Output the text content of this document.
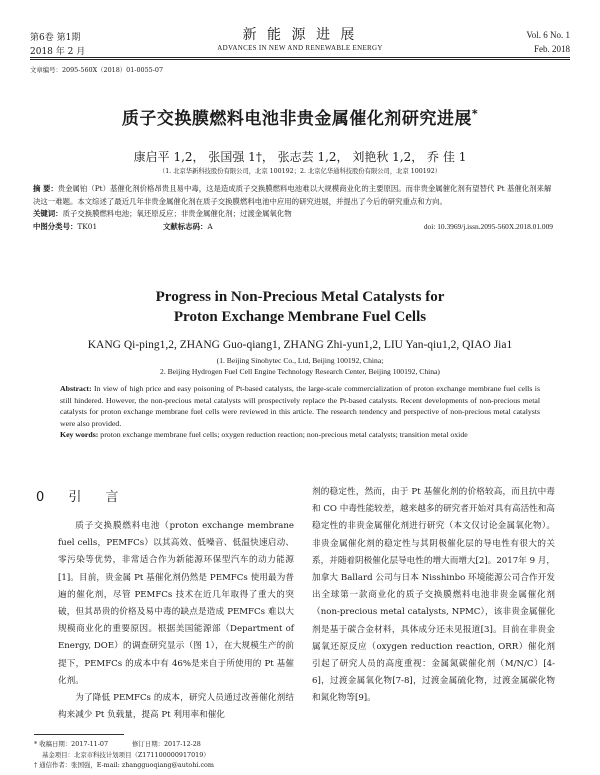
第6卷 第1期
2018 年 2 月
新 能 源 进 展
ADVANCES IN NEW AND RENEWABLE ENERGY
Vol. 6 No. 1
Feb. 2018
文章编号：2095-560X（2018）01-0055-07
质子交换膜燃料电池非贵金属催化剂研究进展*
康启平 1,2， 张国强 1†， 张志芸 1,2， 刘艳秋 1,2， 乔 佳 1
（1. 北京华新科技股份有限公司，北京 100192；2. 北京亿华通科技股份有限公司，北京 100192）
摘 要：贵金属铂（Pt）基催化剂价格昂贵且易中毒，这是造成质子交换膜燃料电池难以大规模商业化的主要原因。而非贵金属催化剂有望替代 Pt 基催化剂来解决这一难题。本文综述了最近几年非贵金属催化剂在质子交换膜燃料电池中应用的研究进展，并提出了今后的研究重点和方向。
关键词：质子交换膜燃料电池；氧还原反应；非贵金属催化剂；过渡金属氧化物
中图分类号：TK01	文献标志码：A	doi: 10.3969/j.issn.2095-560X.2018.01.009
Progress in Non-Precious Metal Catalysts for
Proton Exchange Membrane Fuel Cells
KANG Qi-ping1,2, ZHANG Guo-qiang1, ZHANG Zhi-yun1,2, LIU Yan-qiu1,2, QIAO Jia1
(1. Beijing Sinohytec Co., Ltd, Beijing 100192, China;
2. Beijing Hydrogen Fuel Cell Engine Technology Research Center, Beijing 100192, China)
Abstract: In view of high price and easy poisoning of Pt-based catalysts, the large-scale commercialization of proton exchange membrane fuel cells is still hindered. However, the non-precious metal catalysts will prospectively replace the Pt-based catalysts. Recent developments of non-precious metal catalysts for proton exchange membrane fuel cells were reviewed in this article. The research tendency and perspective of non-precious metal catalysts were also provided.
Key words: proton exchange membrane fuel cells; oxygen reduction reaction; non-precious metal catalysts; transition metal oxide
0 引 言

质子交换膜燃料电池（proton exchange membrane fuel cells，PEMFCs）以其高效、低噪音、低温快速启动、零污染等优势，非常适合作为新能源环保型汽车的动力能源[1]。目前，贵金属 Pt 基催化剂仍然是 PEMFCs 使用最为普遍的催化剂，尽管 PEMFCs 技术在近几年取得了重大的突破，但其昂贵的价格及易中毒的缺点是造成 PEMFCs 难以大规模商业化的重要原因。根据美国能源部（Department of Energy, DOE）的调查研究显示（图 1），在大规模生产的前提下，PEMFCs 的成本中有 46%是来自于所使用的 Pt 基催化剂。

为了降低 PEMFCs 的成本，研究人员通过改善催化剂结构来减少 Pt 负载量，提高 Pt 利用率和催化

剂的稳定性，然而，由于 Pt 基催化剂的价格较高，而且抗中毒和 CO 中毒性能较差，越来越多的研究者开始对具有高活性和高稳定性的非贵金属催化剂进行研究（本文仅讨论金属氧化物）。非贵金属催化剂的稳定性与其阴极催化层的导电性有很大的关系，并随着阴极催化层导电性的增大而增大[2]。2017年 9 月，加拿大 Ballard 公司与日本 Nisshinbo 环境能源公司合作开发出全球第一款商业化的质子交换膜燃料电池非贵金属催化剂（non-precious metal catalysts, NPMC），该非贵金属催化剂是基于碳合金材料，具体成分还未见报道[3]。目前在非贵金属氧还原反应（oxygen reduction reaction, ORR）催化剂引起了研究人员的高度重视：金属氮碳催化剂（M/N/C）[4-6]，过渡金属氧化物[7-8]，过渡金属硫化物，过渡金属碳化物和氮化物等[9]。

* 收稿日期：2017-11-07	修订日期：2017-12-28
基金项目：北京市科技计划项目（Z171100000917019）
† 通信作者：张国强，E-mail: zhangguoqiang@autohi.com
